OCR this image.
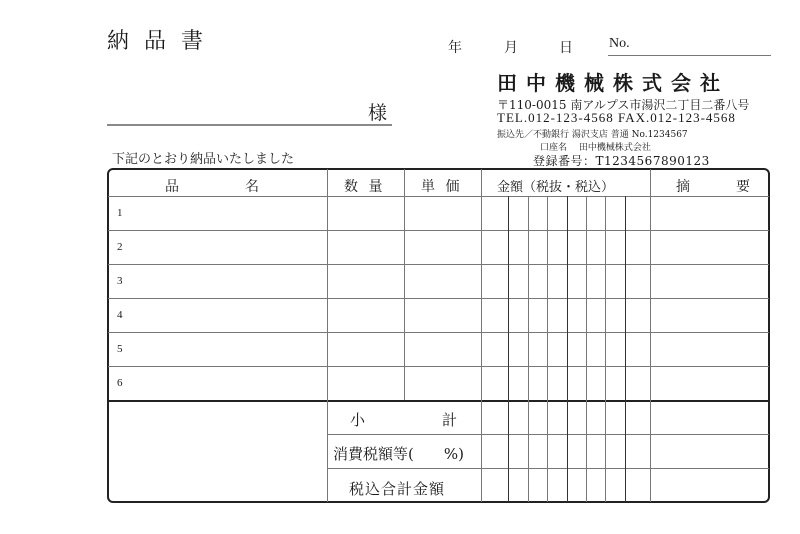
納品書
様
年	月	日	No.
田中機械株式会社
〒110-0015 南アルプス市湯沢二丁目二番八号
TEL.012-123-4568 FAX.012-123-4568
振込先／不動銀行 湯沢支店 普通 No.1234567
口座名　 田中機械株式会社
登録番号：T1234567890123
下記のとおり納品いたしました
品　　　　名	数 量	単 価	金額（税抜・税込）	摘　　要
1
2
3
4
5
6
小	計
消費税額等(　　%)
税込合計金額
